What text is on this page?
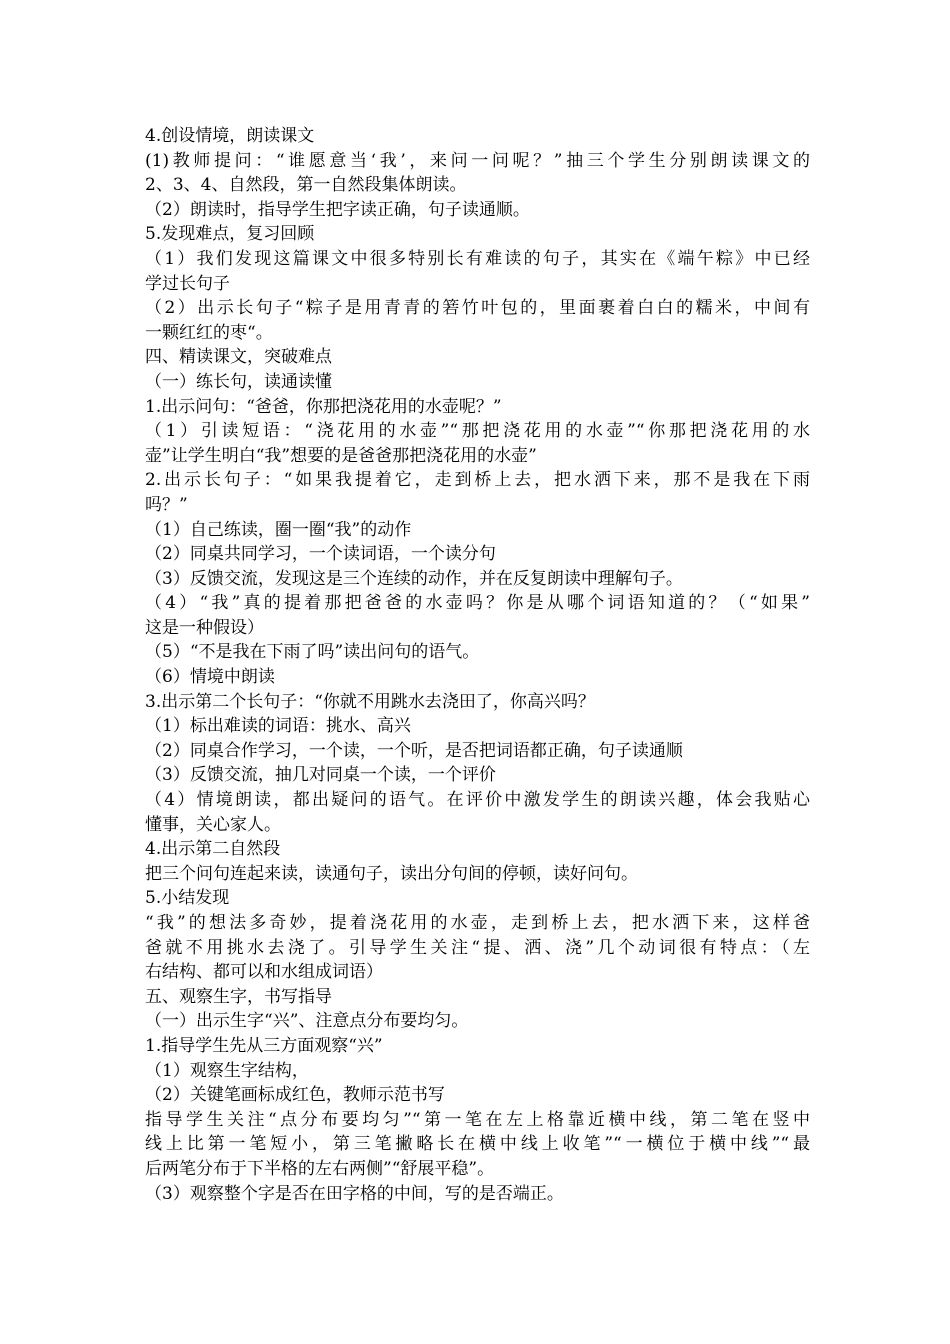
4.创设情境，朗读课文
(1)教师提问：“谁愿意当‘我’，来问一问呢？”抽三个学生分别朗读课文的
2、3、4、自然段，第一自然段集体朗读。
（2）朗读时，指导学生把字读正确，句子读通顺。
5.发现难点，复习回顾
（1）我们发现这篇课文中很多特别长有难读的句子，其实在《端午粽》中已经
学过长句子
（2）出示长句子“粽子是用青青的箬竹叶包的，里面裹着白白的糯米，中间有
一颗红红的枣“。
四、精读课文，突破难点
（一）练长句，读通读懂
1.出示问句：“爸爸，你那把浇花用的水壶呢？”
（1）引读短语：“浇花用的水壶”“那把浇花用的水壶”“你那把浇花用的水
壶”让学生明白“我”想要的是爸爸那把浇花用的水壶”
2.出示长句子：“如果我提着它，走到桥上去，把水洒下来，那不是我在下雨
吗？”
（1）自己练读，圈一圈“我”的动作
（2）同桌共同学习，一个读词语，一个读分句
（3）反馈交流，发现这是三个连续的动作，并在反复朗读中理解句子。
（4）“我”真的提着那把爸爸的水壶吗？你是从哪个词语知道的？（“如果”
这是一种假设）
（5）“不是我在下雨了吗”读出问句的语气。
（6）情境中朗读
3.出示第二个长句子：“你就不用跳水去浇田了，你高兴吗？
（1）标出难读的词语：挑水、高兴
（2）同桌合作学习，一个读，一个听，是否把词语都正确，句子读通顺
（3）反馈交流，抽几对同桌一个读，一个评价
（4）情境朗读，都出疑问的语气。在评价中激发学生的朗读兴趣，体会我贴心
懂事，关心家人。
4.出示第二自然段
把三个问句连起来读，读通句子，读出分句间的停顿，读好问句。
5.小结发现
“我”的想法多奇妙，提着浇花用的水壶，走到桥上去，把水洒下来，这样爸
爸就不用挑水去浇了。引导学生关注“提、洒、浇”几个动词很有特点：（左
右结构、都可以和水组成词语）
五、观察生字，书写指导
（一）出示生字“兴”、注意点分布要均匀。
1.指导学生先从三方面观察“兴”
（1）观察生字结构，
（2）关键笔画标成红色，教师示范书写
指导学生关注“点分布要均匀”“第一笔在左上格靠近横中线，第二笔在竖中
线上比第一笔短小，第三笔撇略长在横中线上收笔”“一横位于横中线”“最
后两笔分布于下半格的左右两侧”“舒展平稳”。
（3）观察整个字是否在田字格的中间，写的是否端正。
